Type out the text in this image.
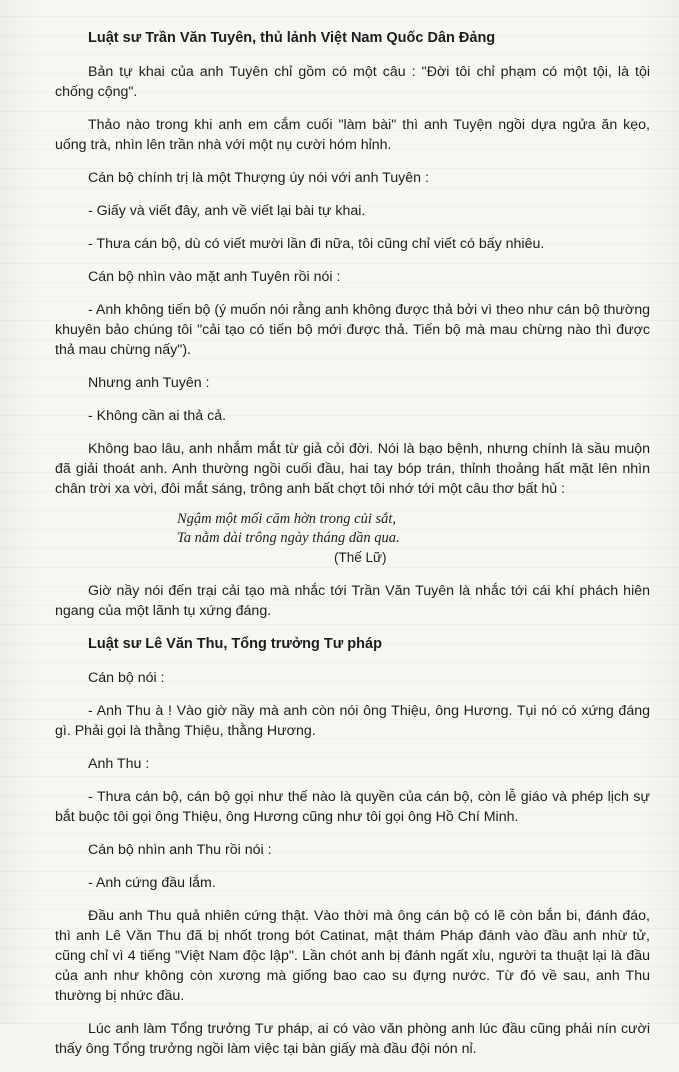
Luật sư Trần Văn Tuyên, thủ lảnh Việt Nam Quốc Dân Đảng

Bản tự khai của anh Tuyên chỉ gồm có một câu : "Đời tôi chỉ phạm có một tội, là tội chống cộng".

Thảo nào trong khi anh em cắm cuối "làm bài" thì anh Tuyện ngồi dựa ngửa ăn kẹo, uống trà, nhìn lên trần nhà với một nụ cười hóm hỉnh.

Cán bộ chính trị là một Thượng úy nói với anh Tuyên :

- Giấy và viết đây, anh về viết lại bài tự khai.

- Thưa cán bộ, dù có viết mười lần đi nữa, tôi cũng chỉ viết có bấy nhiêu.

Cán bộ nhìn vào mặt anh Tuyên rồi nói :

- Anh không tiến bộ (ý muốn nói rằng anh không được thả bởi vì theo như cán bộ thường khuyên bảo chúng tôi "cải tạo có tiến bộ mới được thả. Tiến bộ mà mau chừng nào thì được thả mau chừng nấy").

Nhưng anh Tuyên :

- Không cần ai thả cả.

Không bao lâu, anh nhắm mắt từ giả cỏi đời. Nói là bạo bệnh, nhưng chính là sầu muộn đã giải thoát anh. Anh thường ngồi cuối đầu, hai tay bóp trán, thỉnh thoảng hất mặt lên nhìn chân trời xa vời, đôi mắt sáng, trông anh bất chợt tôi nhớ tới một câu thơ bất hủ :

Ngậm một mối căm hờn trong củi sắt,
Ta nằm dài trông ngày tháng dần qua.
(Thế Lữ)

Giờ nầy nói đến trại cải tạo mà nhắc tới Trần Văn Tuyên là nhắc tới cái khí phách hiên ngang của một lãnh tụ xứng đáng.

Luật sư Lê Văn Thu, Tổng trưởng Tư pháp

Cán bộ nói :

- Anh Thu à ! Vào giờ nầy mà anh còn nói ông Thiệu, ông Hương. Tụi nó có xứng đáng gì. Phải gọi là thằng Thiệu, thằng Hương.

Anh Thu :

- Thưa cán bộ, cán bộ gọi như thế nào là quyền của cán bộ, còn lễ giáo và phép lịch sự bắt buộc tôi gọi ông Thiệu, ông Hương cũng như tôi gọi ông Hồ Chí Minh.

Cán bộ nhìn anh Thu rồi nói :

- Anh cứng đầu lắm.

Đầu anh Thu quả nhiên cứng thật. Vào thời mà ông cán bộ có lẽ còn bắn bi, đánh đáo, thì anh Lê Văn Thu đã bị nhốt trong bót Catinat, mật thám Pháp đánh vào đầu anh nhừ tử, cũng chỉ vì 4 tiếng "Việt Nam độc lập". Lần chót anh bị đánh ngất xỉu, người ta thuật lại là đầu của anh như không còn xương mà giống bao cao su đựng nước. Từ đó về sau, anh Thu thường bị nhức đầu.

Lúc anh làm Tổng trưởng Tư pháp, ai có vào văn phòng anh lúc đầu cũng phải nín cười thấy ông Tổng trưởng ngồi làm việc tại bàn giấy mà đầu đội nón nỉ.
